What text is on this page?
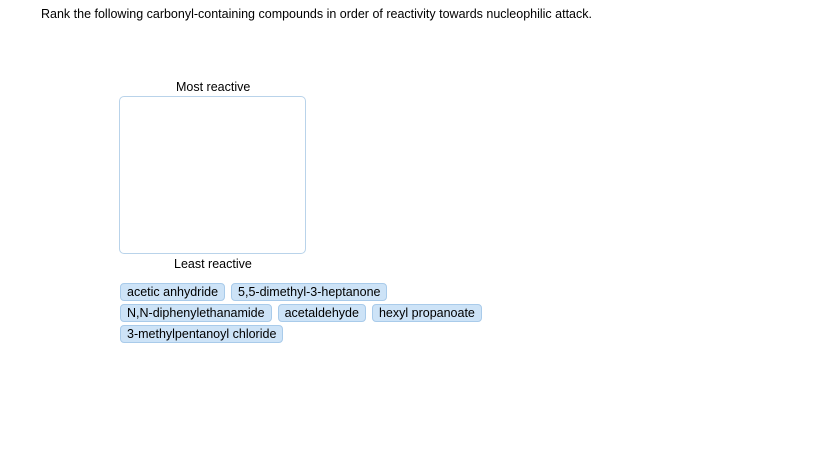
Rank the following carbonyl-containing compounds in order of reactivity towards nucleophilic attack.
Most reactive
Least reactive
acetic anhydride	5,5-dimethyl-3-heptanone
N,N-diphenylethanamide	acetaldehyde	hexyl propanoate
3-methylpentanoyl chloride
